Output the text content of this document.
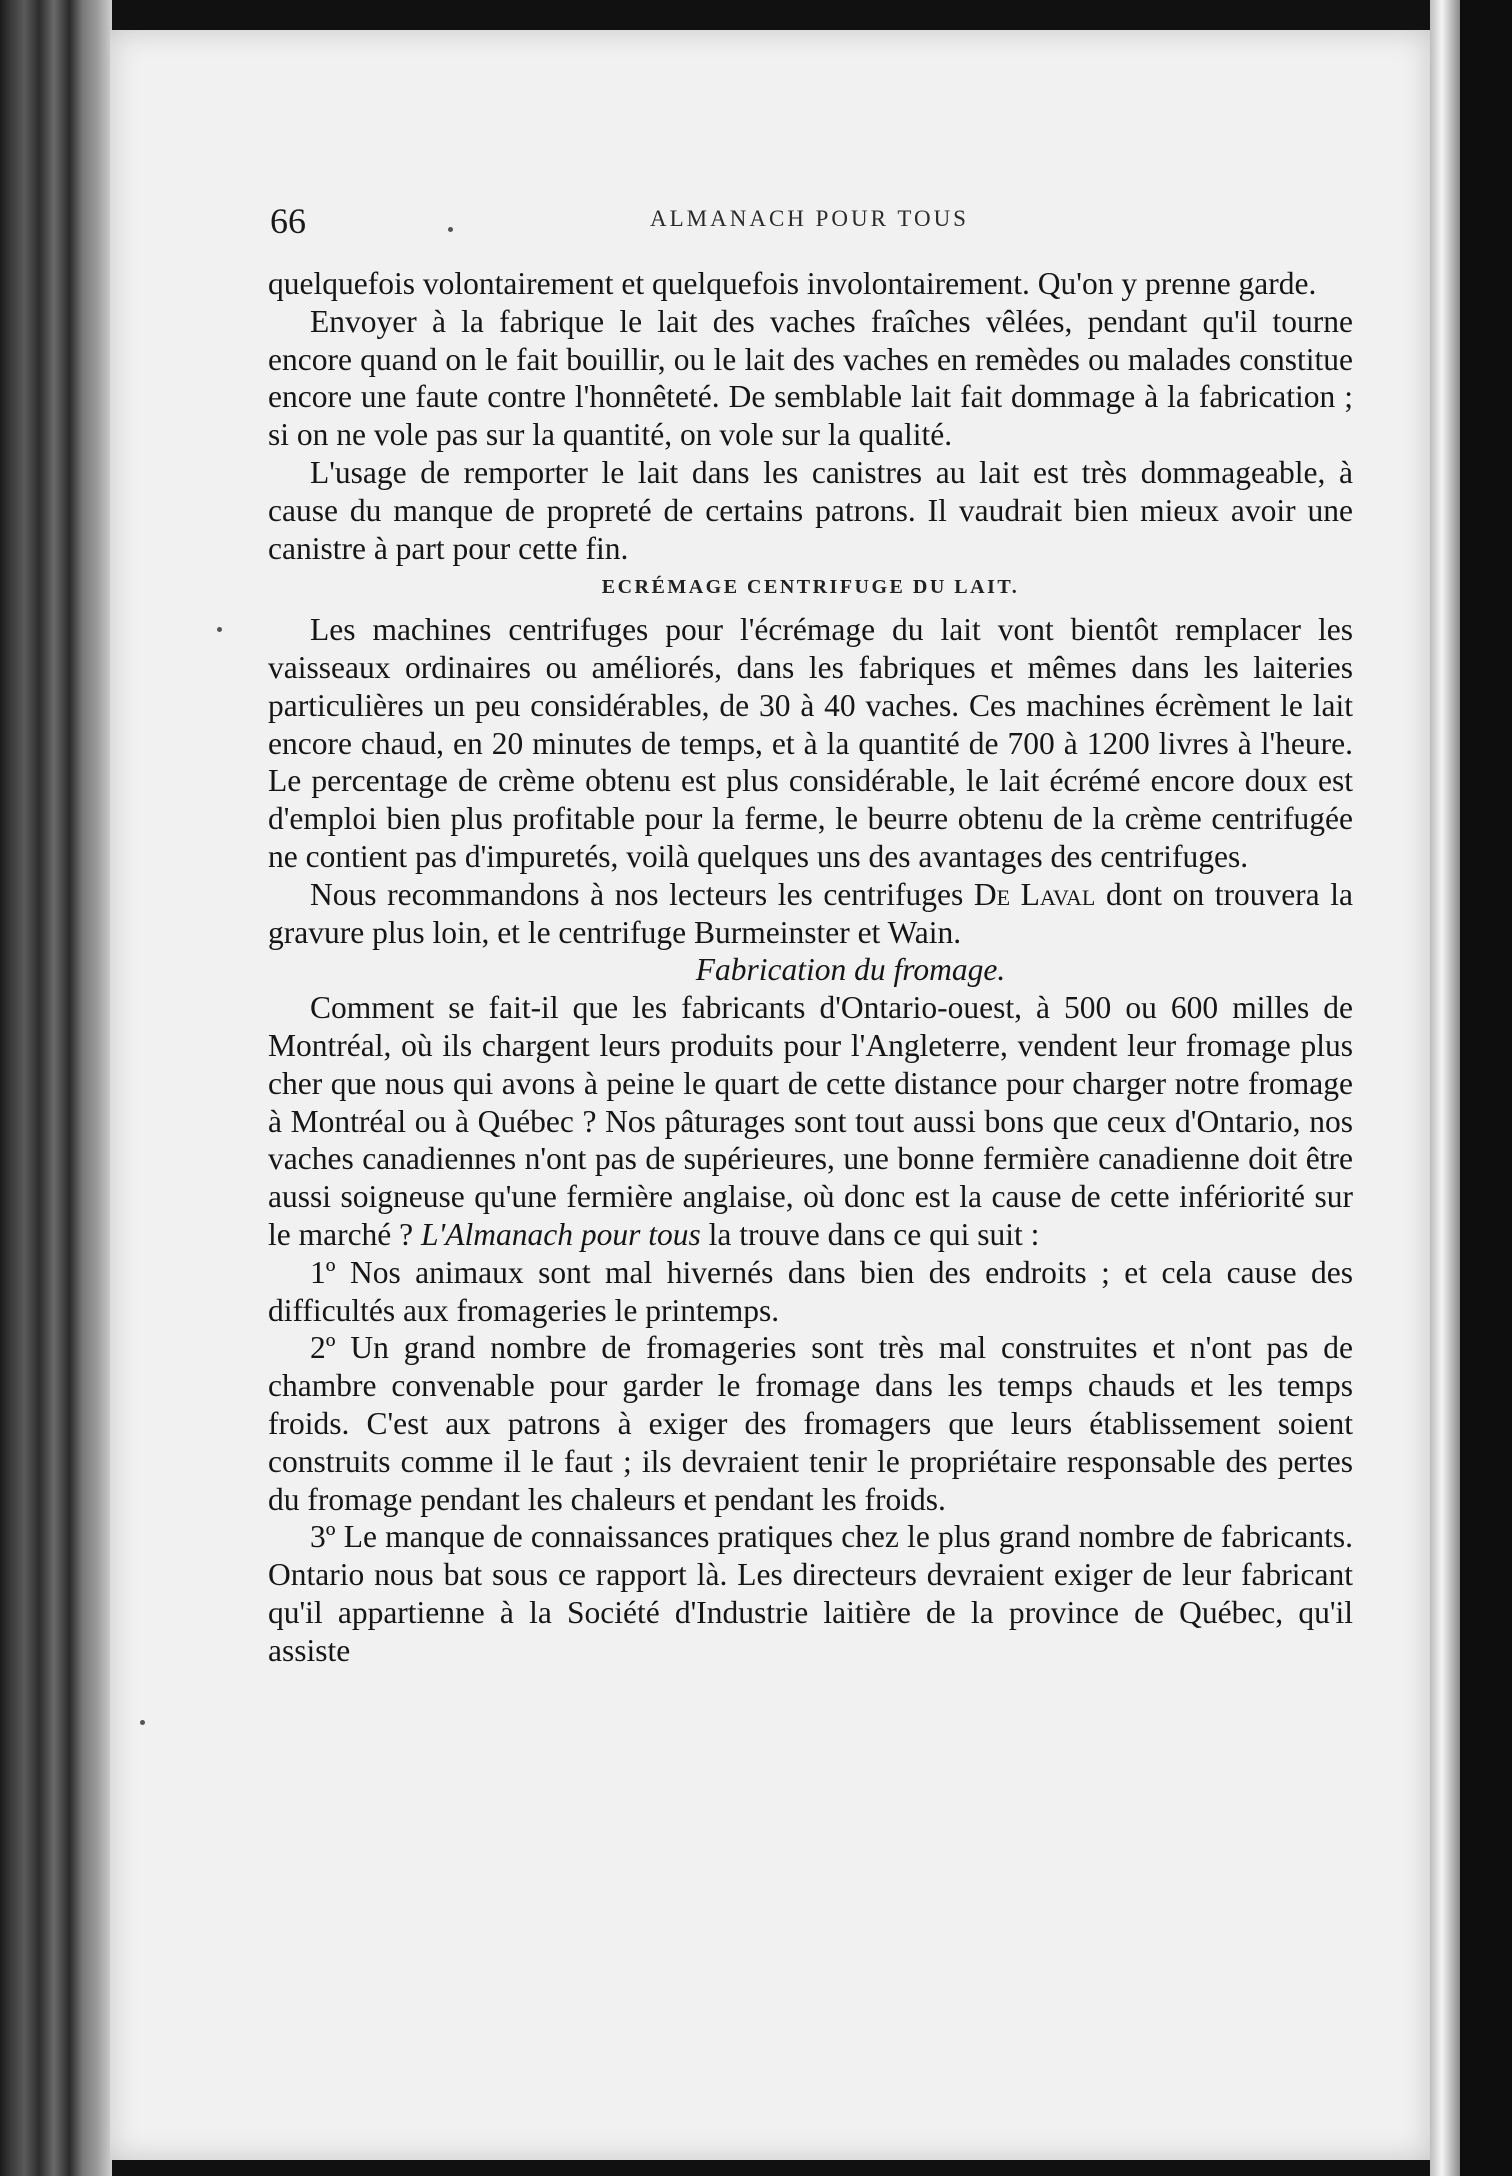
66	ALMANACH POUR TOUS

quelquefois volontairement et quelquefois involontairement. Qu'on y prenne garde.

Envoyer à la fabrique le lait des vaches fraîches vêlées, pendant qu'il tourne encore quand on le fait bouillir, ou le lait des vaches en remèdes ou malades constitue encore une faute contre l'honnêteté. De semblable lait fait dommage à la fabrication ; si on ne vole pas sur la quantité, on vole sur la qualité.

L'usage de remporter le lait dans les canistres au lait est très dommageable, à cause du manque de propreté de certains patrons. Il vaudrait bien mieux avoir une canistre à part pour cette fin.

ECRÉMAGE CENTRIFUGE DU LAIT.

Les machines centrifuges pour l'écrémage du lait vont bientôt remplacer les vaisseaux ordinaires ou améliorés, dans les fabriques et mêmes dans les laiteries particulières un peu considérables, de 30 à 40 vaches. Ces machines écrèment le lait encore chaud, en 20 minutes de temps, et à la quantité de 700 à 1200 livres à l'heure. Le percentage de crème obtenu est plus considérable, le lait écrémé encore doux est d'emploi bien plus profitable pour la ferme, le beurre obtenu de la crème centrifugée ne contient pas d'impuretés, voilà quelques uns des avantages des centrifuges.

Nous recommandons à nos lecteurs les centrifuges De Laval dont on trouvera la gravure plus loin, et le centrifuge Burmeinster et Wain.

Fabrication du fromage.

Comment se fait-il que les fabricants d'Ontario-ouest, à 500 ou 600 milles de Montréal, où ils chargent leurs produits pour l'Angleterre, vendent leur fromage plus cher que nous qui avons à peine le quart de cette distance pour charger notre fromage à Montréal ou à Québec ? Nos pâturages sont tout aussi bons que ceux d'Ontario, nos vaches canadiennes n'ont pas de supérieures, une bonne fermière canadienne doit être aussi soigneuse qu'une fermière anglaise, où donc est la cause de cette infériorité sur le marché ? L'Almanach pour tous la trouve dans ce qui suit :

1º Nos animaux sont mal hivernés dans bien des endroits ; et cela cause des difficultés aux fromageries le printemps.

2º Un grand nombre de fromageries sont très mal construites et n'ont pas de chambre convenable pour garder le fromage dans les temps chauds et les temps froids. C'est aux patrons à exiger des fromagers que leurs établissement soient construits comme il le faut ; ils devraient tenir le propriétaire responsable des pertes du fromage pendant les chaleurs et pendant les froids.

3º Le manque de connaissances pratiques chez le plus grand nombre de fabricants. Ontario nous bat sous ce rapport là. Les directeurs devraient exiger de leur fabricant qu'il appartienne à la Société d'Industrie laitière de la province de Québec, qu'il assiste
